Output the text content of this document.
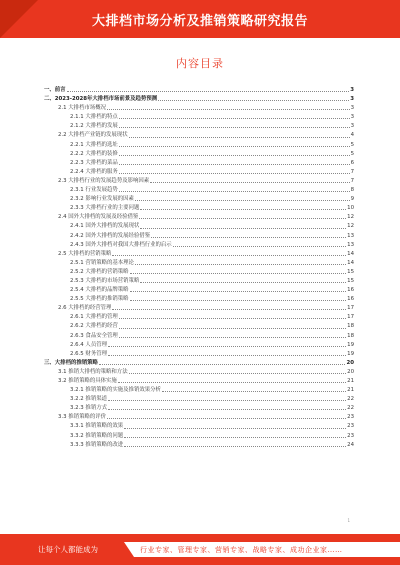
大排档市场分析及推销策略研究报告
内容目录
一、前言	3
二、2023-2028年大排档市场前景及趋势预测	3
2.1 大排档市场概况	3
2.1.1 大排档的特点	3
2.1.2 大排档的发展	3
2.2 大排档产业链的发展现状	4
2.2.1 大排档的选址	5
2.2.2 大排档的装修	5
2.2.3 大排档的菜品	6
2.2.4 大排档的服务	7
2.3 大排档行业的发展趋势及影响因素	7
2.3.1 行业发展趋势	8
2.3.2 影响行业发展的因素	9
2.3.3 大排档行业的主要问题	10
2.4 国外大排档的发展及经验借鉴	12
2.4.1 国外大排档的发展现状	12
2.4.2 国外大排档的发展经验借鉴	13
2.4.3 国外大排档对我国大排档行业的启示	13
2.5 大排档的营销策略	14
2.5.1 营销策略的基本理论	14
2.5.2 大排档的营销策略	15
2.5.3 大排档的市场营销策略	15
2.5.4 大排档的品牌策略	16
2.5.5 大排档的推销策略	16
2.6 大排档的经营管理	17
2.6.1 大排档的管理	17
2.6.2 大排档的经营	18
2.6.3 食品安全管理	18
2.6.4 人员管理	19
2.6.5 财务管理	19
三、大排档的推销策略	20
3.1 推销大排档的策略和方法	20
3.2 推销策略的具体实施	21
3.2.1 推销策略的实施及推销效果分析	21
3.2.2 推销渠道	22
3.2.3 推销方式	22
3.3 推销策略的评价	23
3.3.1 推销策略的效果	23
3.3.2 推销策略的问题	23
3.3.3 推销策略的改进	24
1
让每个人都能成为	行业专家、管理专家、营销专家、战略专家、成功企业家……
